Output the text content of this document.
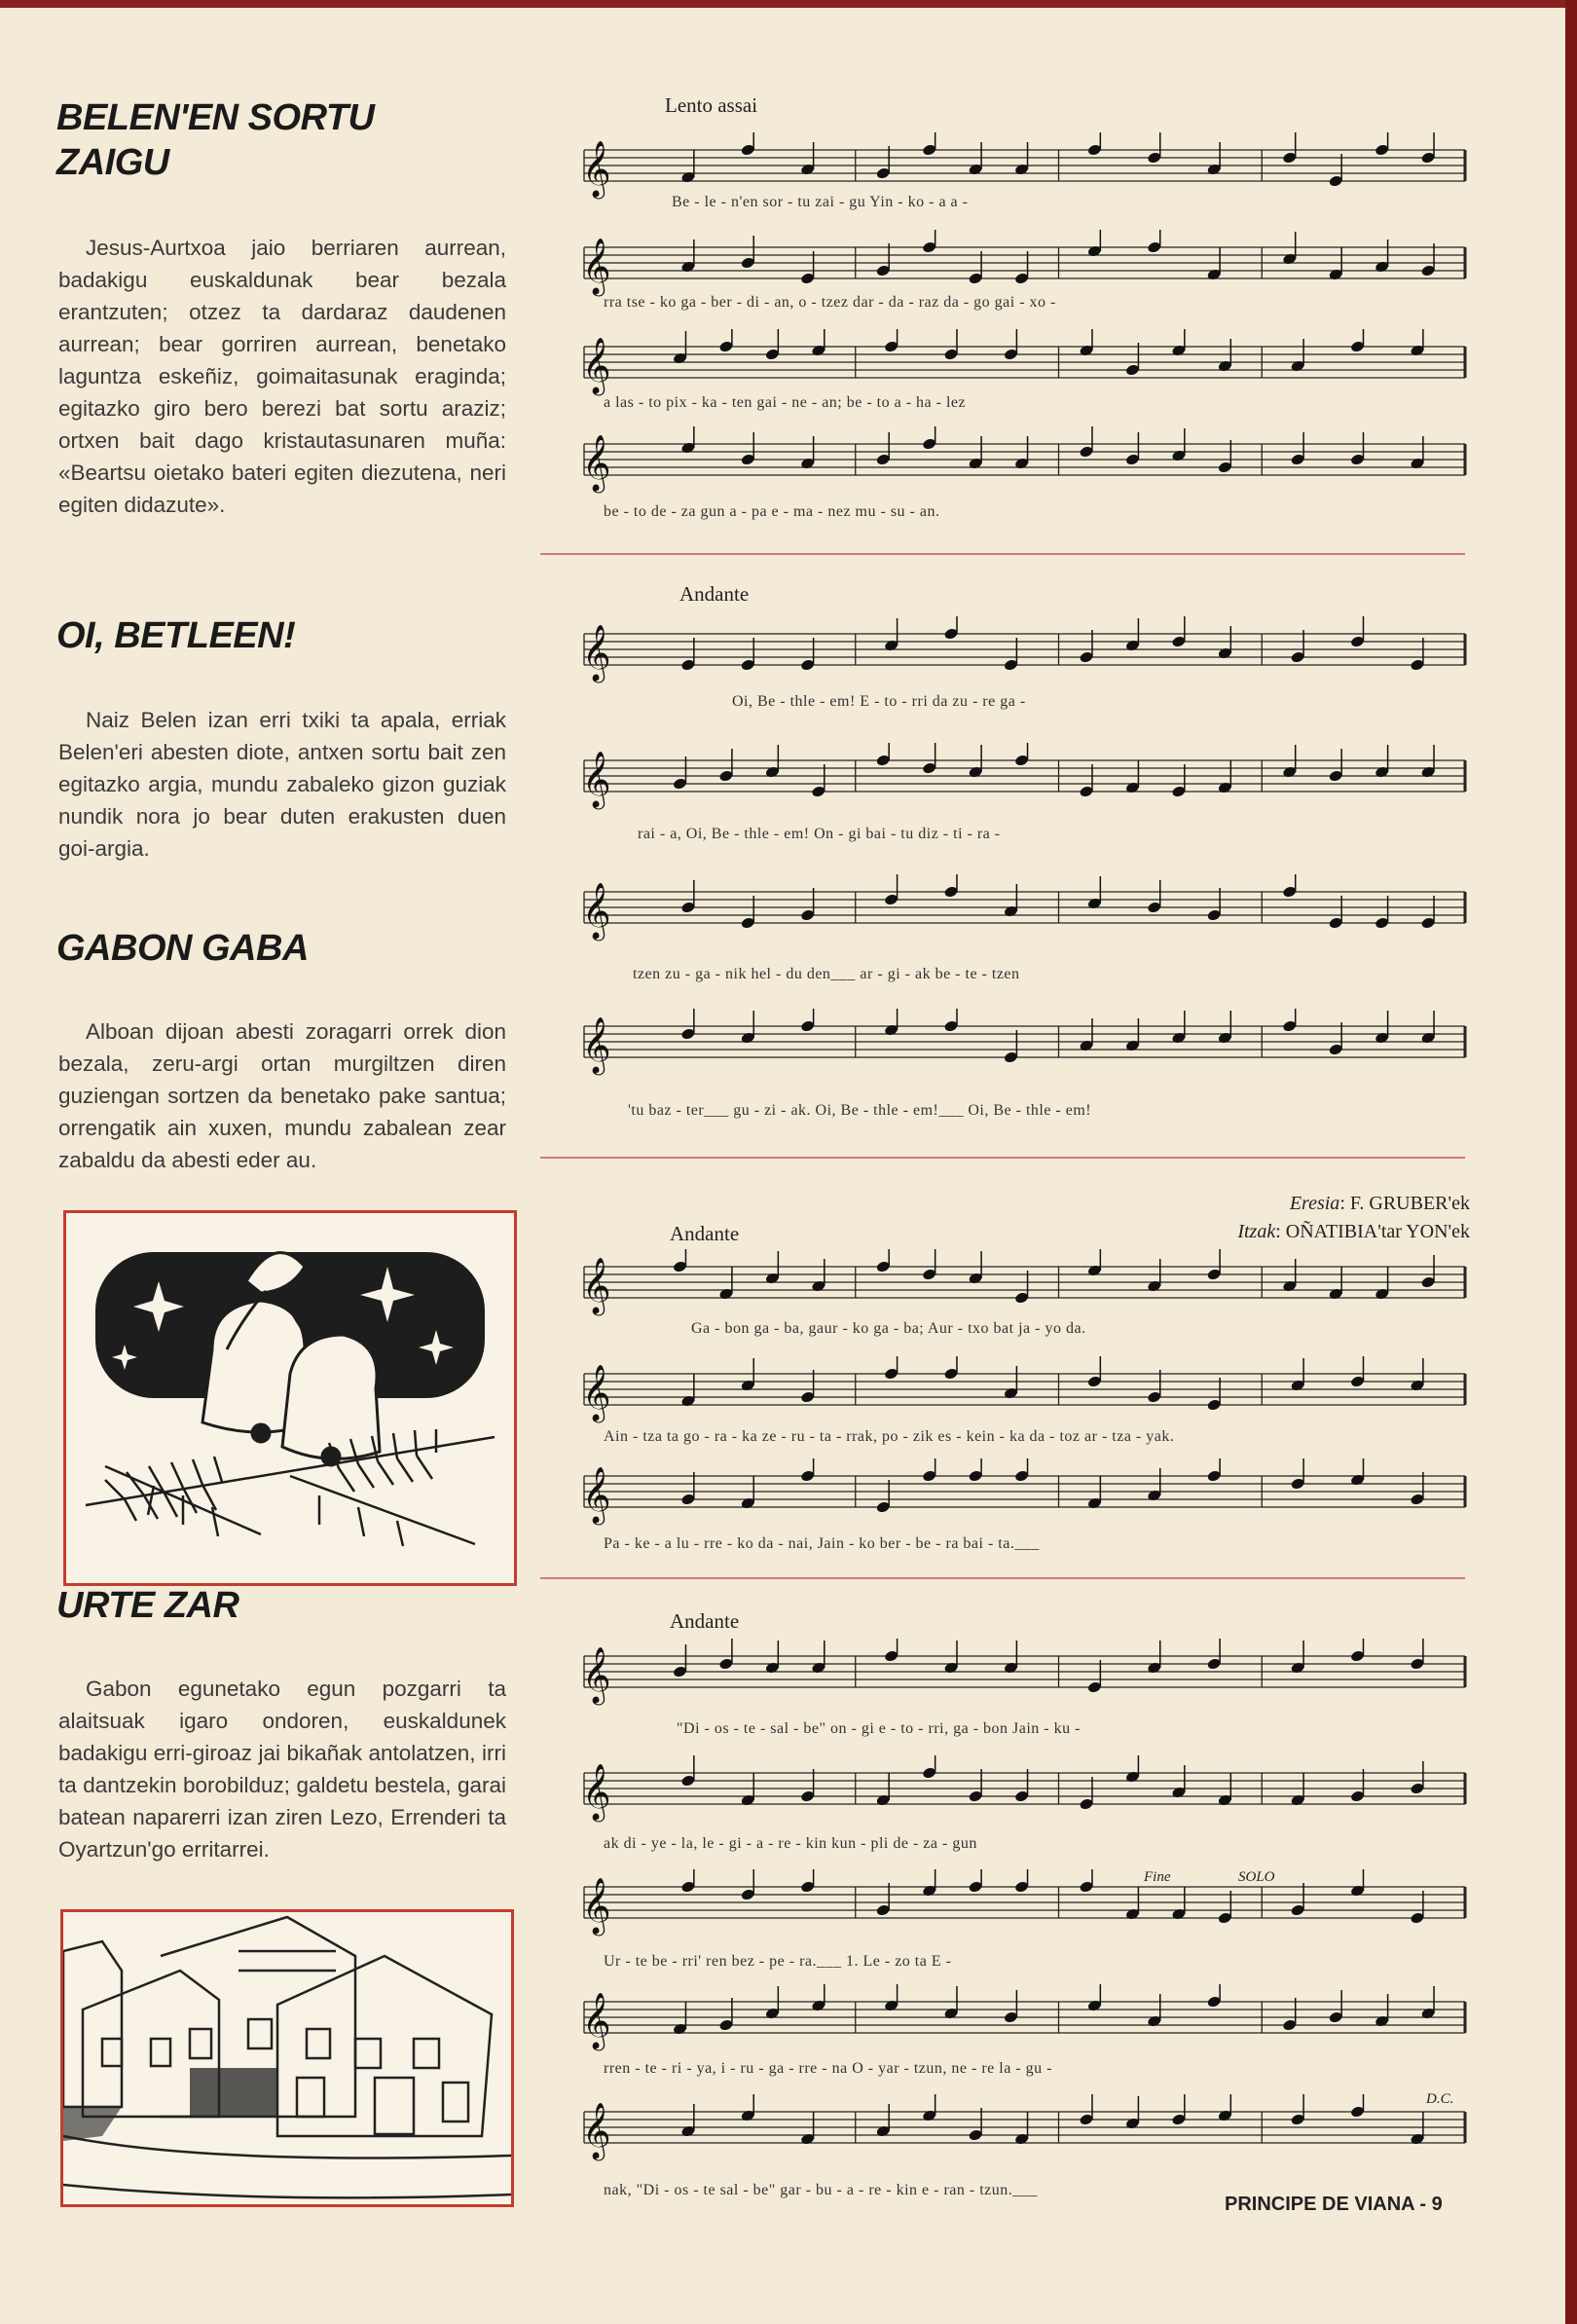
BELEN'EN SORTU ZAIGU

Jesus-Aurtxoa jaio berriaren aurrean, badakigu euskaldunak bear bezala erantzuten; otzez ta dardaraz daudenen aurrean; bear gorriren aurrean, benetako laguntza eskeñiz, goimaitasunak eraginda; egitazko giro bero berezi bat sortu araziz; ortxen bait dago kristautasunaren muña: «Beartsu oietako bateri egiten diezutena, neri egiten didazute».

OI, BETLEEN!

Naiz Belen izan erri txiki ta apala, erriak Belen'eri abesten diote, antxen sortu bait zen egitazko argia, mundu zabaleko gizon guziak nundik nora jo bear duten erakusten duen goi-argia.

GABON GABA

Alboan dijoan abesti zoragarri orrek dion bezala, zeru-argi ortan murgiltzen diren guziengan sortzen da benetako pake santua; orrengatik ain xuxen, mundu zabalean zear zabaldu da abesti eder au.

URTE ZAR

Gabon egunetako egun pozgarri ta alaitsuak igaro ondoren, euskaldunek badakigu erri-giroaz jai bikañak antolatzen, irri ta dantzekin borobilduz; galdetu bestela, garai batean naparerri izan ziren Lezo, Errenderi ta Oyartzun'go erritarrei.

Lento assai
𝄞
Be - le - n'en sor - tu zai - gu Yin - ko - a a -
𝄞
rra tse - ko ga - ber - di - an, o - tzez dar - da - raz da - go gai - xo -
𝄞
a las - to pix - ka - ten gai - ne - an; be - to a - ha - lez
𝄞
be - to de - za gun a - pa e - ma - nez mu - su - an.
Andante
𝄞
Oi, Be - thle - em! E - to - rri da zu - re ga -
𝄞
rai - a, Oi, Be - thle - em! On - gi bai - tu diz - ti - ra -
𝄞
tzen zu - ga - nik hel - du den___ ar - gi - ak be - te - tzen
𝄞
'tu baz - ter___ gu - zi - ak. Oi, Be - thle - em!___ Oi, Be - thle - em!
Eresia: F. GRUBER'ek
Itzak: OÑATIBIA'tar YON'ek
Andante
𝄞
Ga - bon ga - ba, gaur - ko ga - ba; Aur - txo bat ja - yo da.
𝄞
Ain - tza ta go - ra - ka ze - ru - ta - rrak, po - zik es - kein - ka da - toz ar - tza - yak.
𝄞
Pa - ke - a lu - rre - ko da - nai, Jain - ko ber - be - ra bai - ta.___
Andante
𝄞
"Di - os - te - sal - be" on - gi e - to - rri, ga - bon Jain - ku -
𝄞
ak di - ye - la, le - gi - a - re - kin kun - pli de - za - gun
Fine	SOLO
𝄞
Ur - te be - rri' ren bez - pe - ra.___ 1. Le - zo ta E -
𝄞
rren - te - ri - ya, i - ru - ga - rre - na O - yar - tzun, ne - re la - gu -
D.C.
𝄞
nak, "Di - os - te sal - be" gar - bu - a - re - kin e - ran - tzun.___
PRINCIPE DE VIANA - 9
